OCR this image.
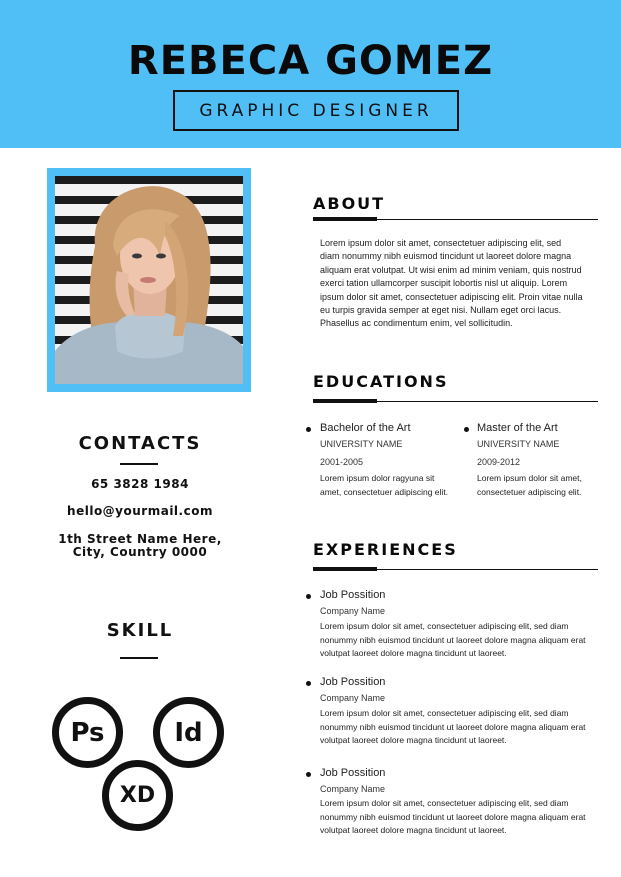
REBECA GOMEZ
GRAPHIC DESIGNER
CONTACTS
65 3828 1984
hello@yourmail.com
1th Street Name Here,
City, Country 0000
SKILL
Ps	Id
XD
ABOUT
Lorem ipsum dolor sit amet, consectetuer adipiscing elit, sed
diam nonummy nibh euismod tincidunt ut laoreet dolore magna
aliquam erat volutpat. Ut wisi enim ad minim veniam, quis nostrud
exerci tation ullamcorper suscipit lobortis nisl ut aliquip. Lorem
ipsum dolor sit amet, consectetuer adipiscing elit. Proin vitae nulla
eu turpis gravida semper at eget nisi. Nullam eget orci lacus.
Phasellus ac condimentum enim, vel sollicitudin.
EDUCATIONS
Bachelor of the Art
UNIVERSITY NAME
2001-2005
Lorem ipsum dolor ragyuna sit
amet, consectetuer adipiscing elit.
Master of the Art
UNIVERSITY NAME
2009-2012
Lorem ipsum dolor sit amet,
consectetuer adipiscing elit.
EXPERIENCES
Job Possition
Company Name
Lorem ipsum dolor sit amet, consectetuer adipiscing elit, sed diam
nonummy nibh euismod tincidunt ut laoreet dolore magna aliquam erat
volutpat laoreet dolore magna tincidunt ut laoreet.
Job Possition
Company Name
Lorem ipsum dolor sit amet, consectetuer adipiscing elit, sed diam
nonummy nibh euismod tincidunt ut laoreet dolore magna aliquam erat
volutpat laoreet dolore magna tincidunt ut laoreet.
Job Possition
Company Name
Lorem ipsum dolor sit amet, consectetuer adipiscing elit, sed diam
nonummy nibh euismod tincidunt ut laoreet dolore magna aliquam erat
volutpat laoreet dolore magna tincidunt ut laoreet.
